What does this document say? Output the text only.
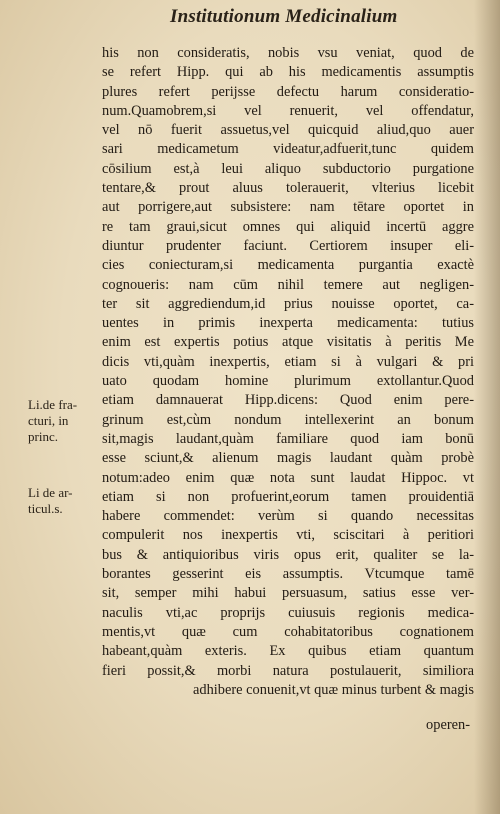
Institutionum Medicinalium
his non consideratis, nobis vsu veniat, quod de
se refert Hipp. qui ab his medicamentis assumptis
plures refert perijsse defectu harum consideratio-
num.Quamobrem,si vel renuerit, vel offendatur,
vel nō fuerit assuetus,vel quicquid aliud,quo auer
sari medicametum videatur,adfuerit,tunc quidem
cōsilium est,à leui aliquo subductorio purgatione
tentare,& prout aluus tolerauerit, vlterius licebit
aut porrigere,aut subsistere: nam tētare oportet in
re tam graui,sicut omnes qui aliquid incertū aggre
diuntur prudenter faciunt. Certiorem insuper eli-
cies coniecturam,si medicamenta purgantia exactè
cognoueris: nam cūm nihil temere aut negligen-
ter sit aggrediendum,id prius nouisse oportet, ca-
uentes in primis inexperta medicamenta: tutius
enim est expertis potius atque visitatis à peritis Me
dicis vti,quàm inexpertis, etiam si à vulgari & pri
uato quodam homine plurimum extollantur.Quod
etiam damnauerat Hipp.dicens: Quod enim pere-
grinum est,cùm nondum intellexerint an bonum
sit,magis laudant,quàm familiare quod iam bonū
esse sciunt,& alienum magis laudant quàm probè
notum:adeo enim quæ nota sunt laudat Hippoc. vt
etiam si non profuerint,eorum tamen prouidentiā
habere commendet: verùm si quando necessitas
compulerit nos inexpertis vti, sciscitari à peritiori
bus & antiquioribus viris opus erit, qualiter se la-
borantes gesserint eis assumptis. Vtcumque tamē
sit, semper mihi habui persuasum, satius esse ver-
naculis vti,ac proprijs cuiusuis regionis medica-
mentis,vt quæ cum cohabitatoribus cognationem
habeant,quàm exteris. Ex quibus etiam quantum
fieri possit,& morbi natura postulauerit, similiora
adhibere conuenit,vt quæ minus turbent & magis
Li.de fra-
cturi, in
princ.
Li de ar-
ticul.s.
operen-
